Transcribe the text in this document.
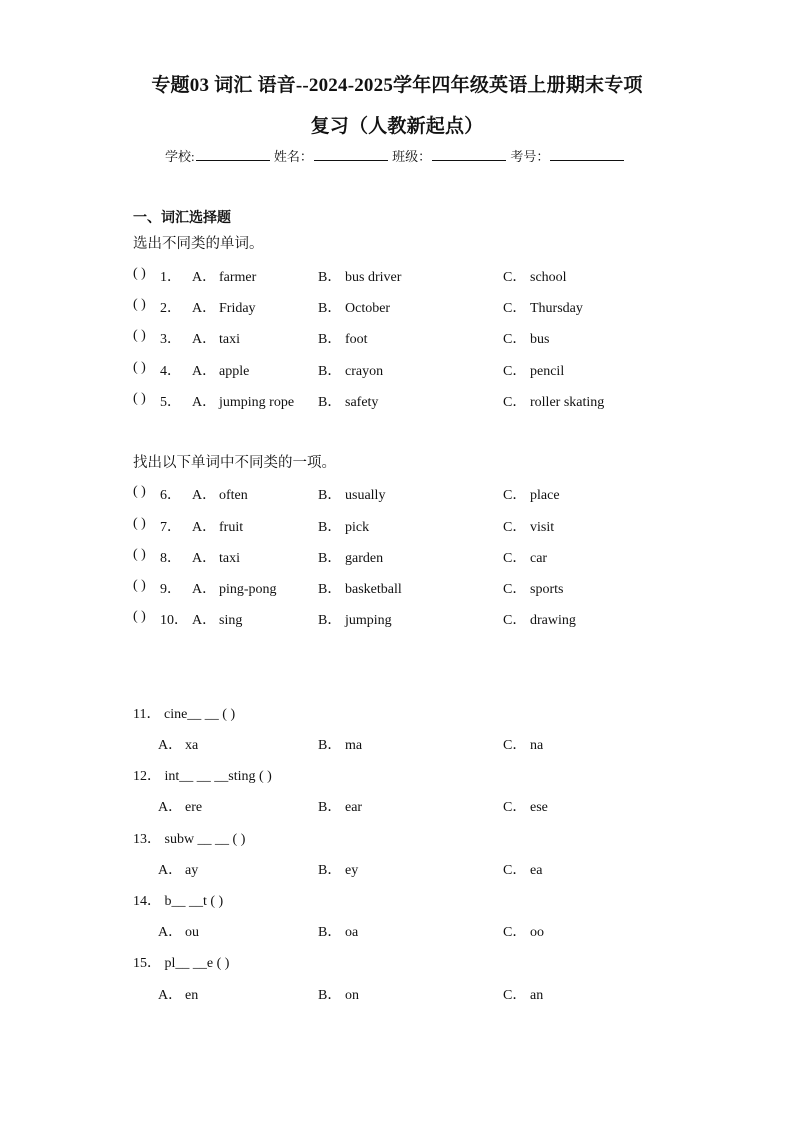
专题03 词汇 语音--2024-2025学年四年级英语上册期末专项
复习（人教新起点）
学校:	姓名：	班级：	考号：
一、词汇选择题
选出不同类的单词。
找出以下单词中不同类的一项。
( ) 1． A． farmer	B． bus driver	C． school
( ) 2． A． Friday	B． October	C． Thursday
( ) 3． A． taxi	B． foot	C． bus
( ) 4． A． apple	B． crayon	C． pencil
( ) 5． A． jumping rope B． safety	C． roller skating
( ) 6． A． often	B． usually	C． place
( ) 7． A． fruit	B． pick	C． visit
( ) 8． A． taxi	B． garden	C． car
( ) 9． A． ping-pong	B． basketball	C． sports
( ) 10． A． sing	B． jumping	C． drawing
11． cine__ __ ( )
A． xa	B． ma	C． na
12． int__ __ __sting ( )
A． ere	B． ear	C． ese
13． subw __ __ ( )
A． ay	B． ey	C． ea
14． b__ __t ( )
A． ou	B． oa	C． oo
15． pl__ __e ( )
A． en	B． on	C． an
